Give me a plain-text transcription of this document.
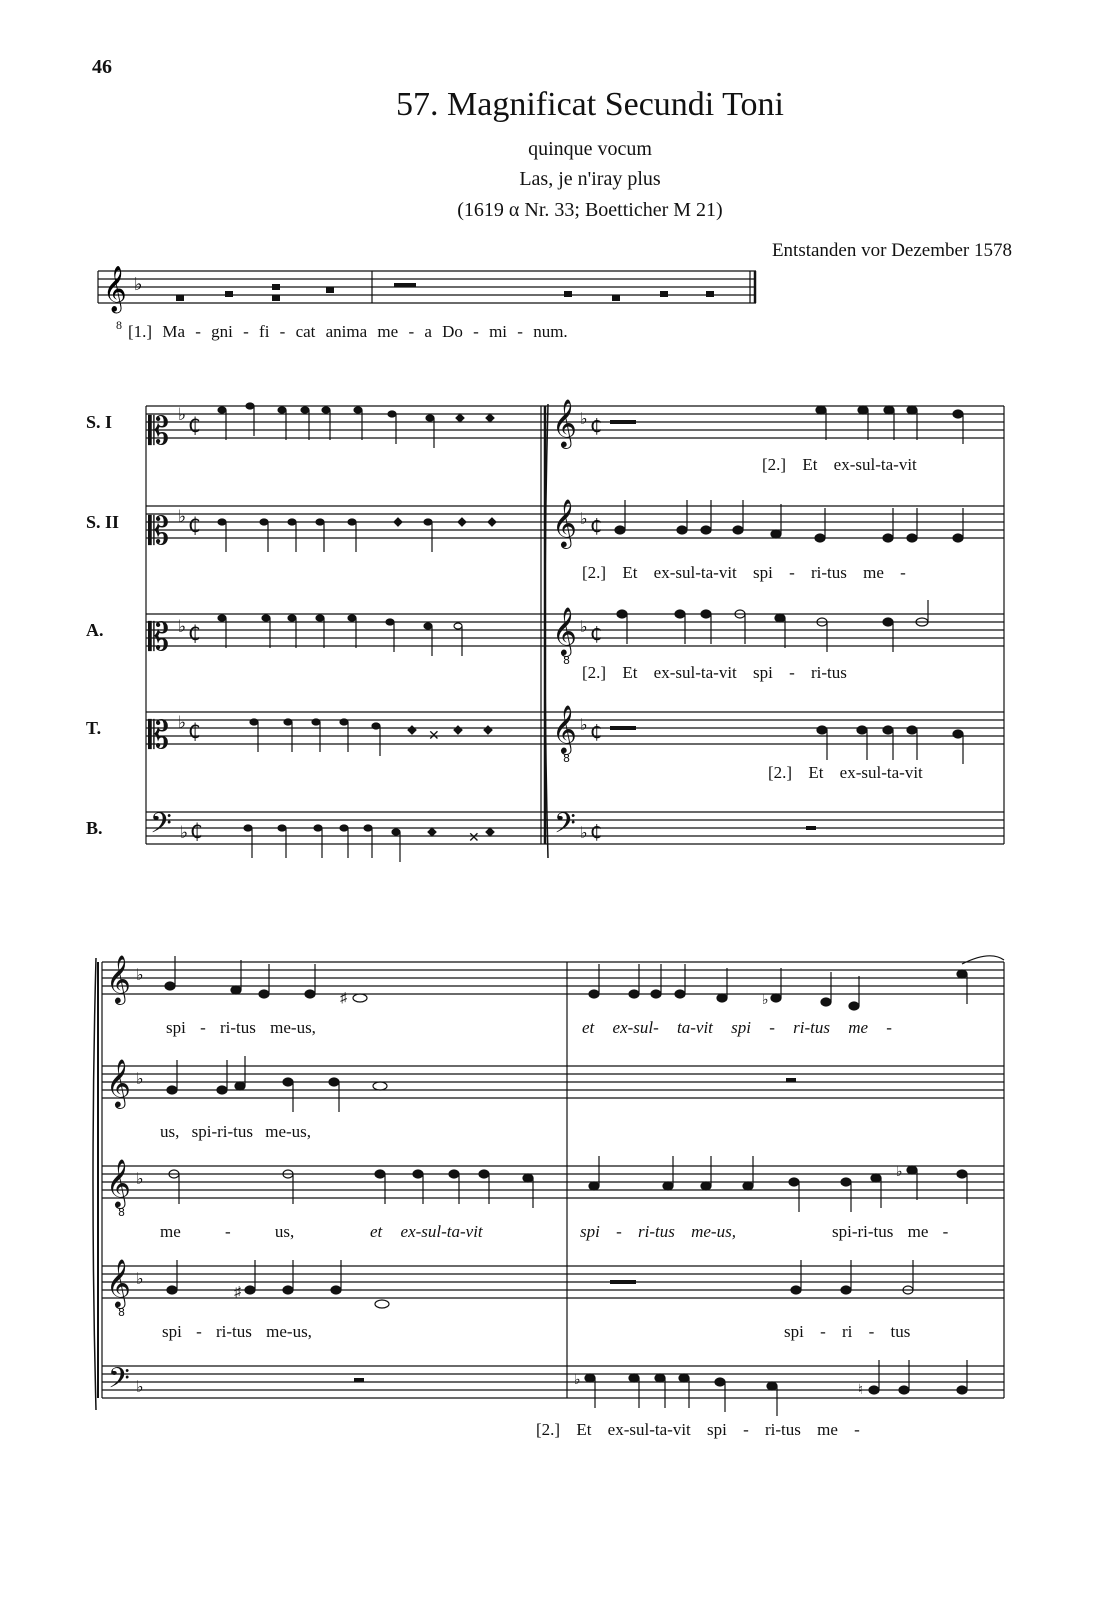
46
57. Magnificat Secundi Toni
quinque vocum
Las, je n'iray plus
(1619 α Nr. 33; Boetticher M 21)
Entstanden vor Dezember 1578
S. I
S. II
A.
T.
B.
8 [1.] Ma - gni - fi - cat anima me - a Do - mi - num.
[2.] Et ex-sul-ta-vit
[2.] Et ex-sul-ta-vit spi - ri-tus me -
[2.] Et ex-sul-ta-vit spi - ri-tus
[2.] Et ex-sul-ta-vit
spi - ri-tus me-us,	et ex-sul- ta-vit spi - ri-tus me -
us, spi-ri-tus me-us,
me - us,	et ex-sul-ta-vit	spi - ri-tus me-us,	spi-ri-tus me -
spi - ri-tus me-us,	spi - ri - tus
[2.] Et ex-sul-ta-vit spi - ri-tus me -
𝄞 ♭
𝄡
𝄡
𝄡
𝄡
𝄢
♭
♭
♭
♭
♭
₵
₵
₵
₵
₵
𝄞
𝄞
𝄞
𝄞
𝄢
♭ ₵
♭ ₵
♭ ₵
♭ ₵
♭ ₵
8
8
✕
✕
𝄞
𝄞
𝄞
𝄞
𝄢
♭
♭
♭
♭
♭
8
8
♯	♭
♭
♯
♭
♮
